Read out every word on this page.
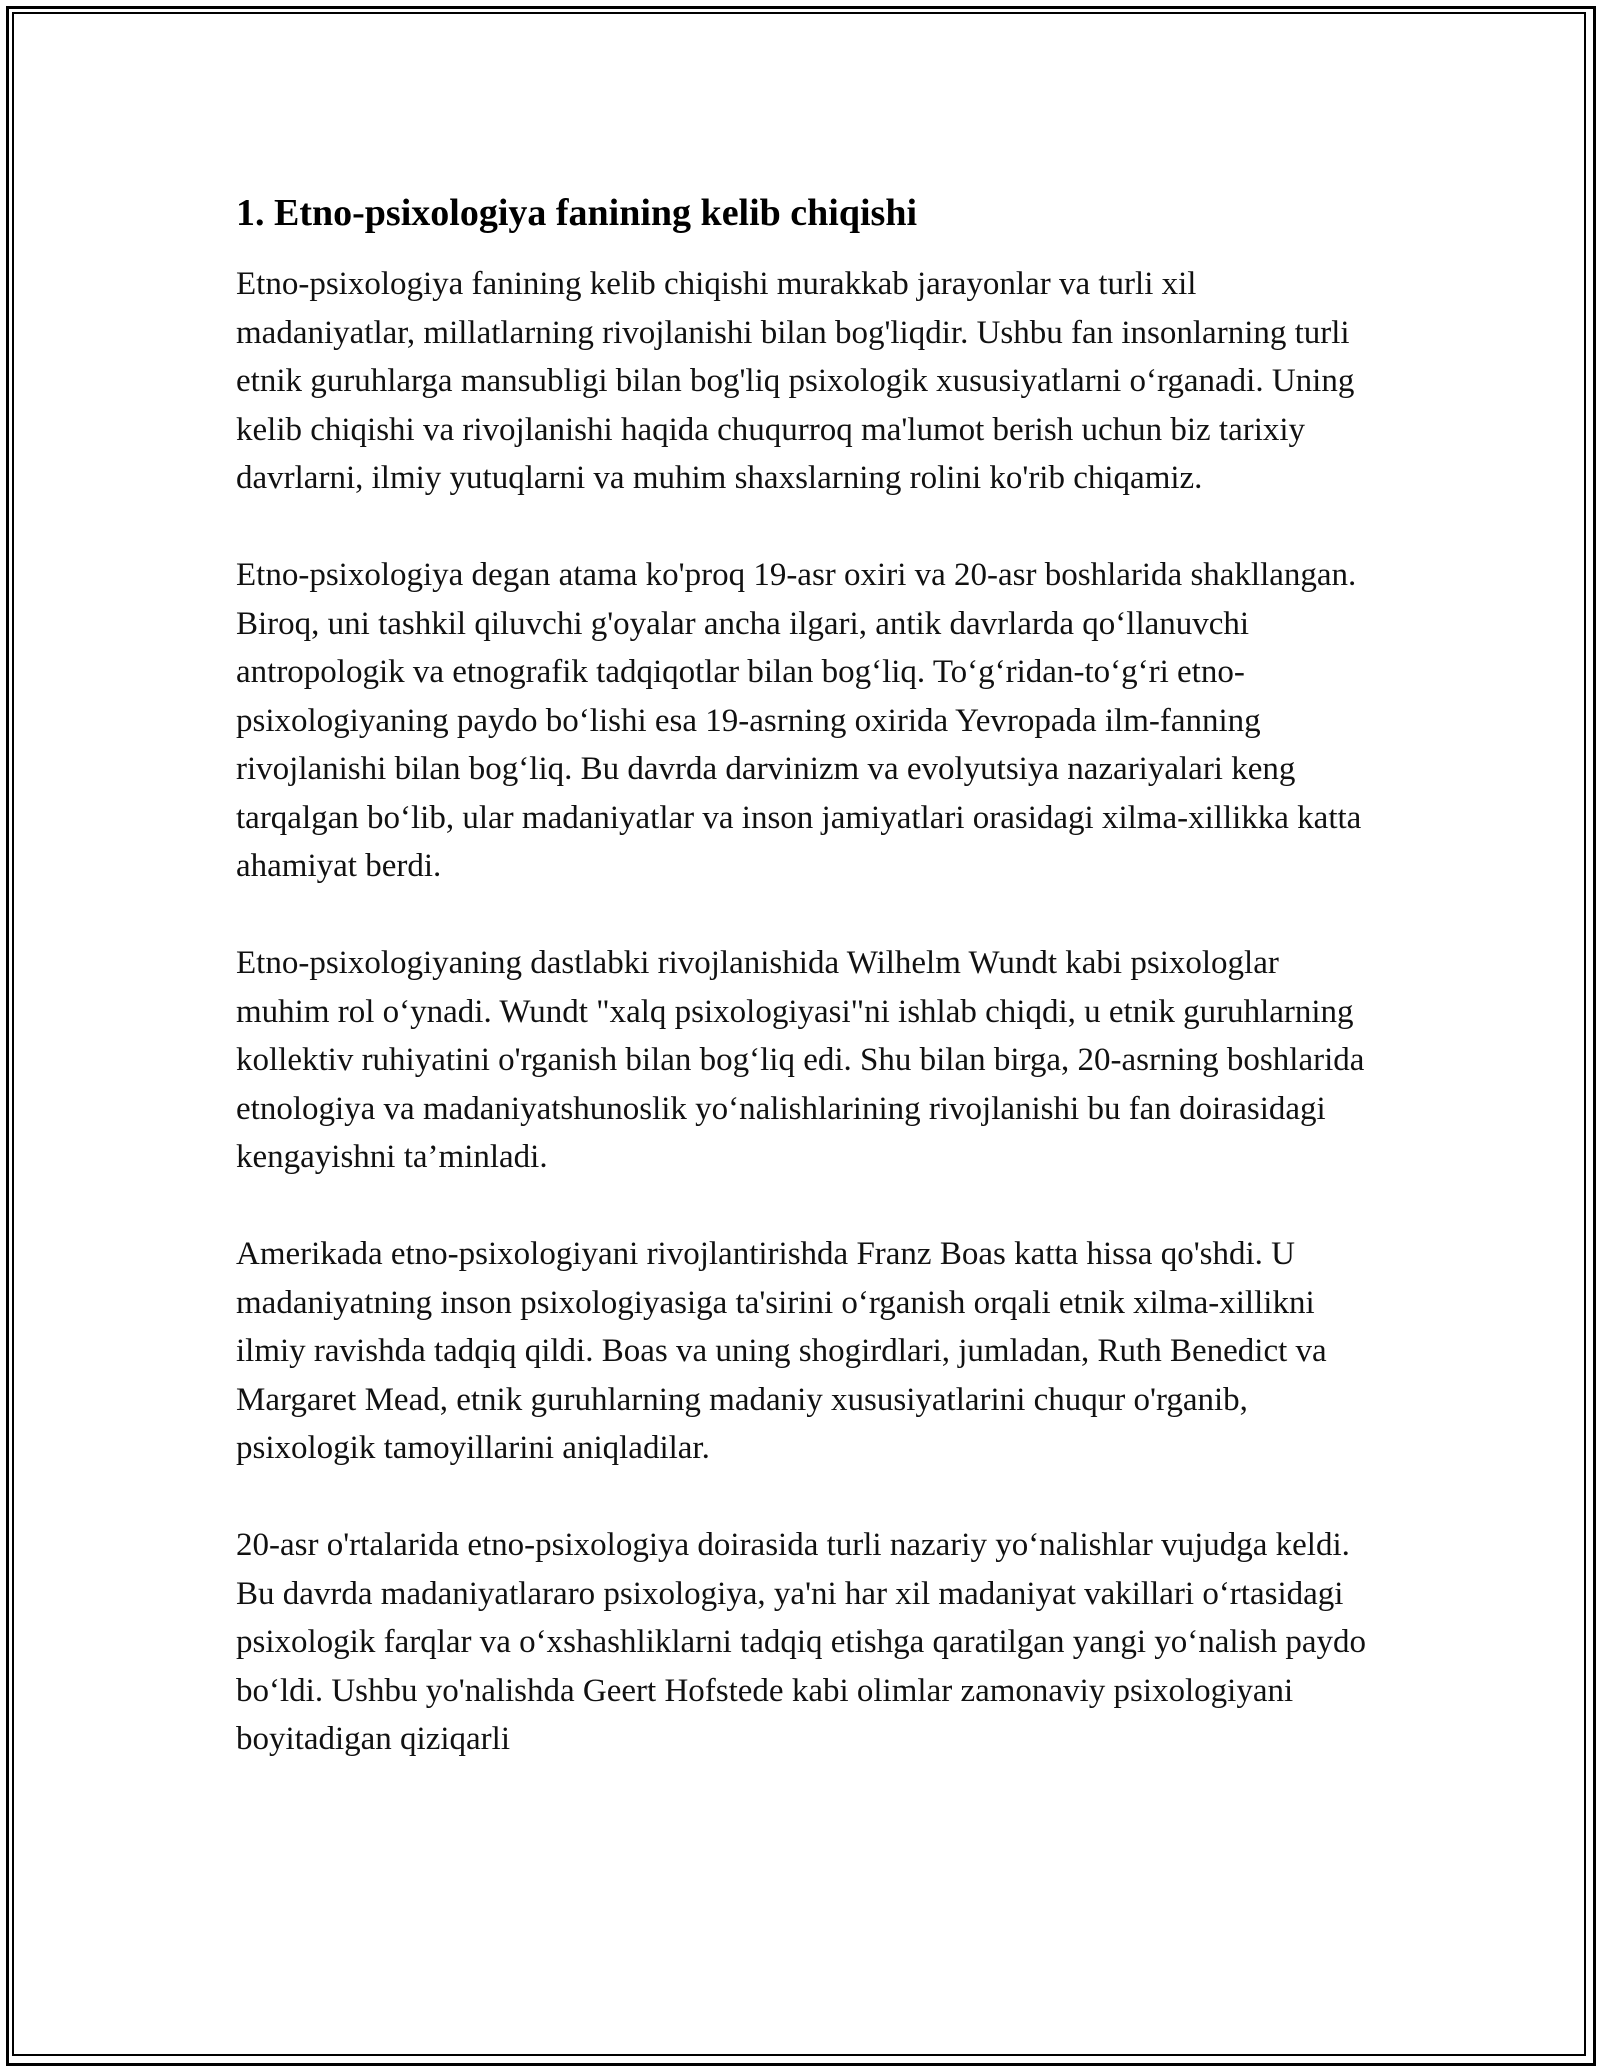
1. Etno-psixologiya fanining kelib chiqishi

Etno-psixologiya fanining kelib chiqishi murakkab jarayonlar va turli xil madaniyatlar, millatlarning rivojlanishi bilan bog'liqdir. Ushbu fan insonlarning turli etnik guruhlarga mansubligi bilan bog'liq psixologik xususiyatlarni o‘rganadi. Uning kelib chiqishi va rivojlanishi haqida chuqurroq ma'lumot berish uchun biz tarixiy davrlarni, ilmiy yutuqlarni va muhim shaxslarning rolini ko'rib chiqamiz.

Etno-psixologiya degan atama ko'proq 19-asr oxiri va 20-asr boshlarida shakllangan. Biroq, uni tashkil qiluvchi g'oyalar ancha ilgari, antik davrlarda qo‘llanuvchi antropologik va etnografik tadqiqotlar bilan bog‘liq. To‘g‘ridan-to‘g‘ri etno-psixologiyaning paydo bo‘lishi esa 19-asrning oxirida Yevropada ilm-fanning rivojlanishi bilan bog‘liq. Bu davrda darvinizm va evolyutsiya nazariyalari keng tarqalgan bo‘lib, ular madaniyatlar va inson jamiyatlari orasidagi xilma-xillikka katta ahamiyat berdi.

Etno-psixologiyaning dastlabki rivojlanishida Wilhelm Wundt kabi psixologlar muhim rol o‘ynadi. Wundt "xalq psixologiyasi"ni ishlab chiqdi, u etnik guruhlarning kollektiv ruhiyatini o'rganish bilan bog‘liq edi. Shu bilan birga, 20-asrning boshlarida etnologiya va madaniyatshunoslik yo‘nalishlarining rivojlanishi bu fan doirasidagi kengayishni ta’minladi.

Amerikada etno-psixologiyani rivojlantirishda Franz Boas katta hissa qo'shdi. U madaniyatning inson psixologiyasiga ta'sirini o‘rganish orqali etnik xilma-xillikni ilmiy ravishda tadqiq qildi. Boas va uning shogirdlari, jumladan, Ruth Benedict va Margaret Mead, etnik guruhlarning madaniy xususiyatlarini chuqur o'rganib, psixologik tamoyillarini aniqladilar.

20-asr o'rtalarida etno-psixologiya doirasida turli nazariy yo‘nalishlar vujudga keldi. Bu davrda madaniyatlararo psixologiya, ya'ni har xil madaniyat vakillari o‘rtasidagi psixologik farqlar va o‘xshashliklarni tadqiq etishga qaratilgan yangi yo‘nalish paydo bo‘ldi. Ushbu yo'nalishda Geert Hofstede kabi olimlar zamonaviy psixologiyani boyitadigan qiziqarli
